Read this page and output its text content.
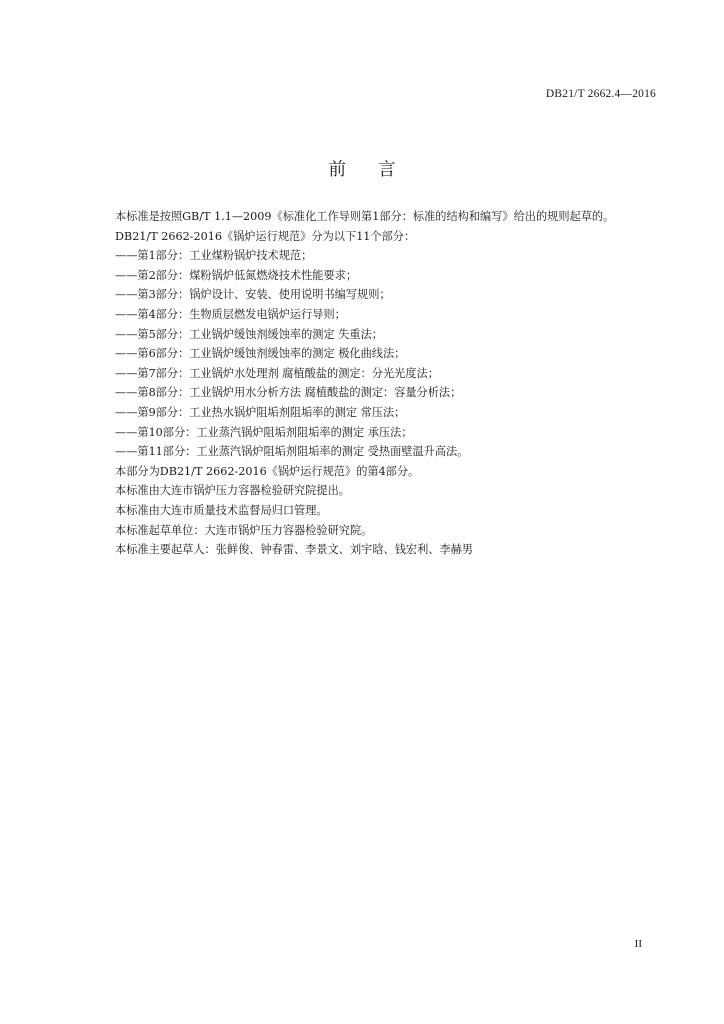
DB21/T 2662.4—2016
前言

本标准是按照GB/T 1.1—2009《标准化工作导则第1部分：标准的结构和编写》给出的规则起草的。

DB21/T 2662-2016《锅炉运行规范》分为以下11个部分：

——第1部分：工业煤粉锅炉技术规范；

——第2部分：煤粉锅炉低氮燃烧技术性能要求；

——第3部分：锅炉设计、安装、使用说明书编写规则；

——第4部分：生物质层燃发电锅炉运行导则；

——第5部分：工业锅炉缓蚀剂缓蚀率的测定 失重法；

——第6部分：工业锅炉缓蚀剂缓蚀率的测定 极化曲线法；

——第7部分：工业锅炉水处理剂 腐植酸盐的测定：分光光度法；

——第8部分：工业锅炉用水分析方法 腐植酸盐的测定：容量分析法；

——第9部分：工业热水锅炉阻垢剂阻垢率的测定 常压法；

——第10部分：工业蒸汽锅炉阻垢剂阻垢率的测定 承压法；

——第11部分：工业蒸汽锅炉阻垢剂阻垢率的测定 受热面壁温升高法。

本部分为DB21/T 2662-2016《锅炉运行规范》的第4部分。

本标准由大连市锅炉压力容器检验研究院提出。

本标准由大连市质量技术监督局归口管理。

本标准起草单位：大连市锅炉压力容器检验研究院。

本标准主要起草人：张鲜俊、钟春雷、李景文、刘宇晗、钱宏利、李赫男

II
